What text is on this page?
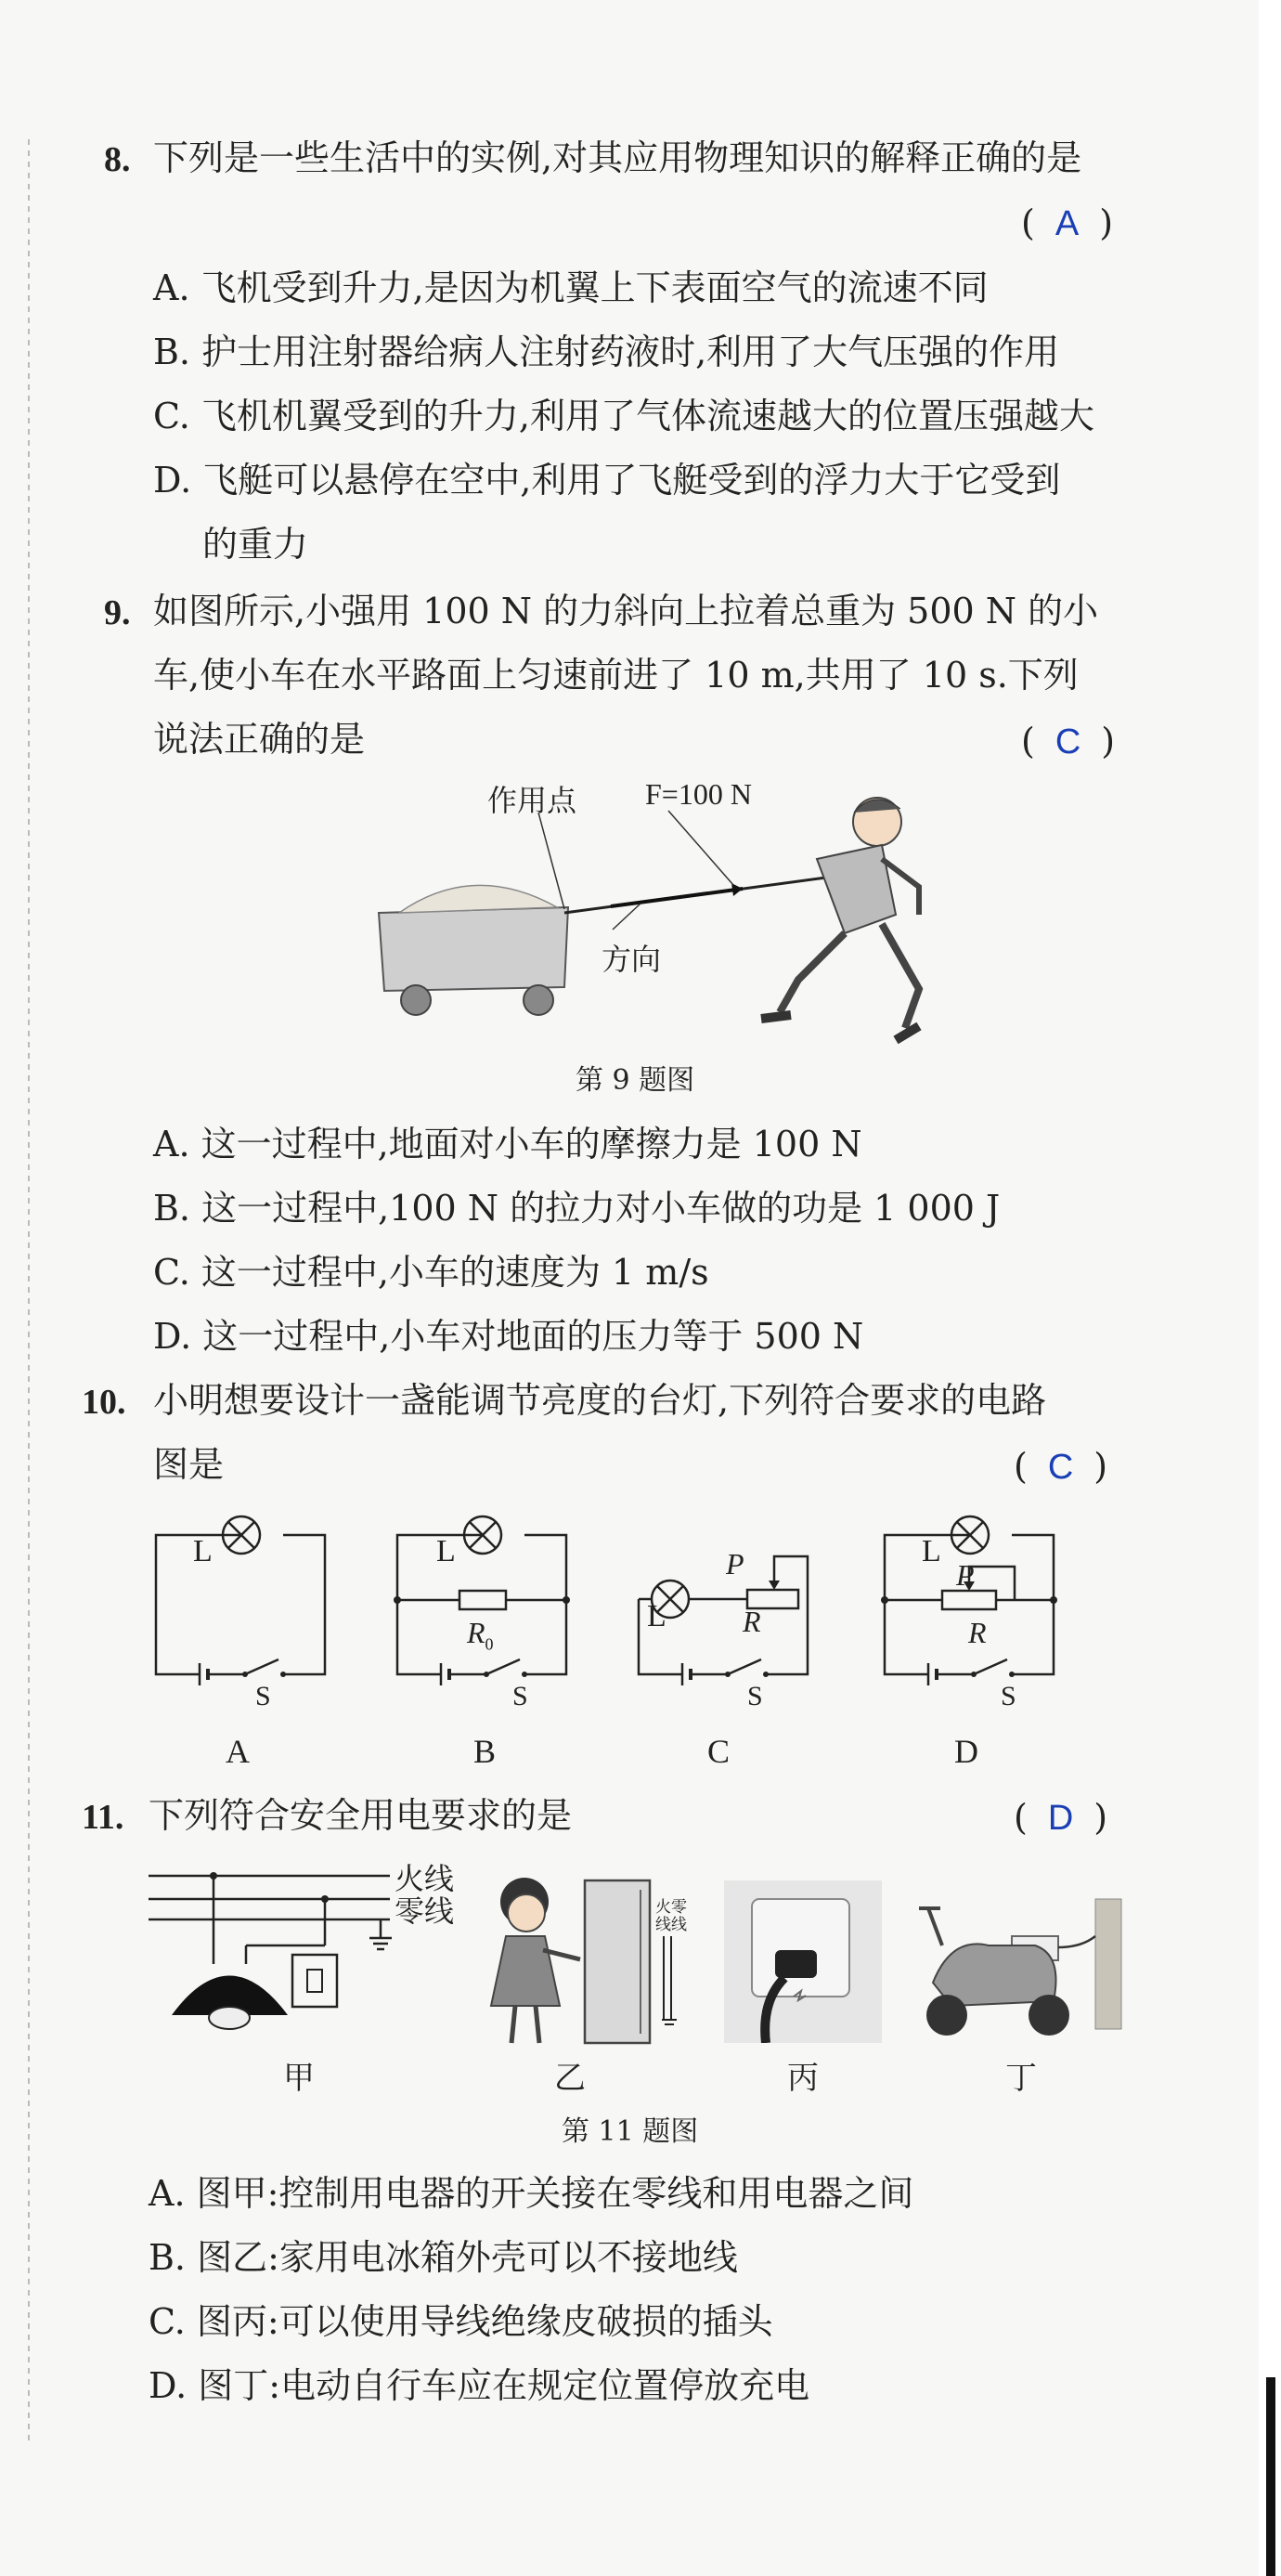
8. 下列是一些生活中的实例,对其应用物理知识的解释正确的是
( A )
A. 飞机受到升力,是因为机翼上下表面空气的流速不同
B. 护士用注射器给病人注射药液时,利用了大气压强的作用
C. 飞机机翼受到的升力,利用了气体流速越大的位置压强越大
D. 飞艇可以悬停在空中,利用了飞艇受到的浮力大于它受到
的重力
9. 如图所示,小强用 100 N 的力斜向上拉着总重为 500 N 的小
车,使小车在水平路面上匀速前进了 10 m,共用了 10 s.下列
说法正确的是	( C )
作用点 F=100 N
方向
第 9 题图
A. 这一过程中,地面对小车的摩擦力是 100 N
B. 这一过程中,100 N 的拉力对小车做的功是 1 000 J
C. 这一过程中,小车的速度为 1 m/s
D. 这一过程中,小车对地面的压力等于 500 N
10. 小明想要设计一盏能调节亮度的台灯,下列符合要求的电路
图是	( C )
L
S
L
$R_0$
S
L
P
R
S
L
P
R
S
A	B	C	D
11. 下列符合安全用电要求的是	( D )
火线
零线	火零
线线
甲	乙	丙	丁
第 11 题图
A. 图甲:控制用电器的开关接在零线和用电器之间
B. 图乙:家用电冰箱外壳可以不接地线
C. 图丙:可以使用导线绝缘皮破损的插头
D. 图丁:电动自行车应在规定位置停放充电
